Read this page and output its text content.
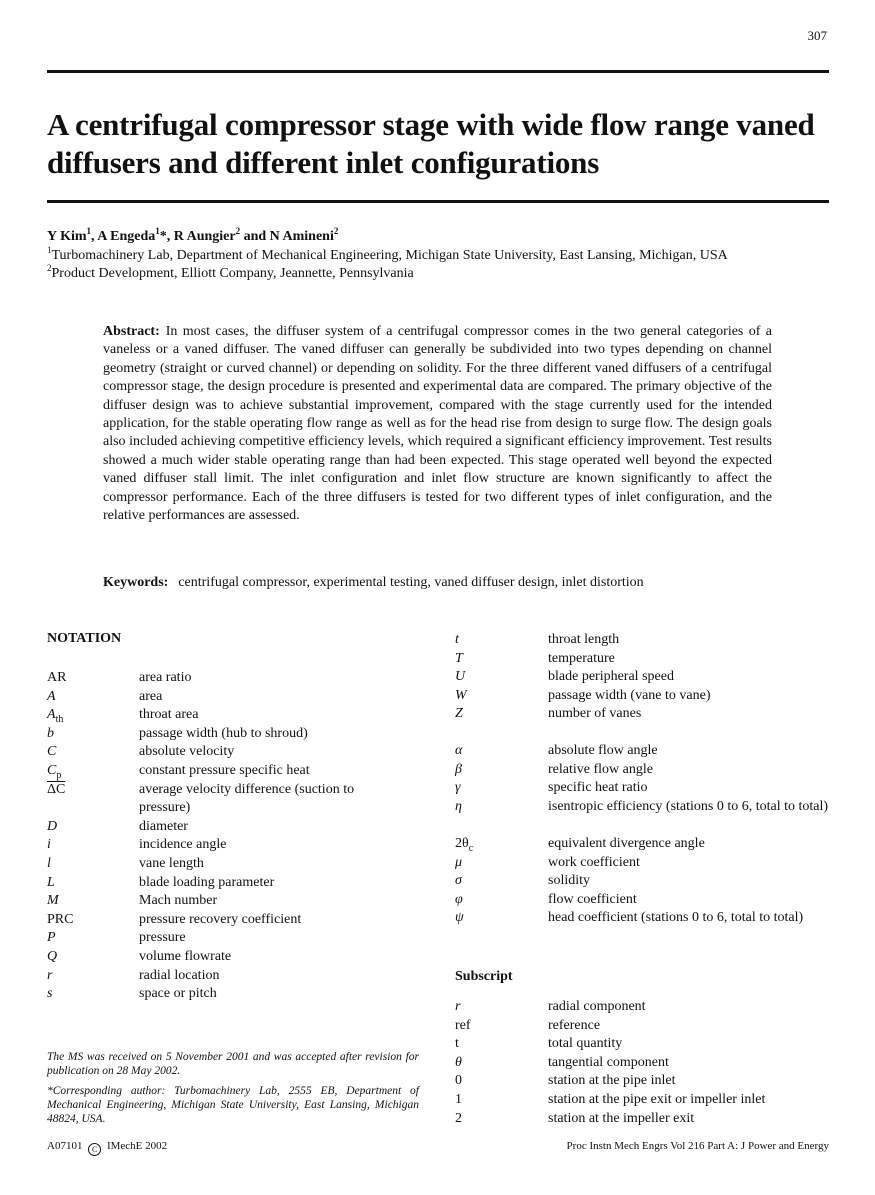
307
A centrifugal compressor stage with wide flow range vaned diffusers and different inlet configurations
Y Kim$^1$, A Engeda$^1$*, R Aungier$^2$ and N Amineni$^2$
$^1$Turbomachinery Lab, Department of Mechanical Engineering, Michigan State University, East Lansing, Michigan, USA
$^2$Product Development, Elliott Company, Jeannette, Pennsylvania
Abstract: In most cases, the diffuser system of a centrifugal compressor comes in the two general categories of a vaneless or a vaned diffuser. The vaned diffuser can generally be subdivided into two types depending on channel geometry (straight or curved channel) or depending on solidity. For the three different vaned diffusers of a centrifugal compressor stage, the design procedure is presented and experimental data are compared. The primary objective of the diffuser design was to achieve substantial improvement, compared with the stage currently used for the intended application, for the stable operating flow range as well as for the head rise from design to surge flow. The design goals also included achieving competitive efficiency levels, which required a significant efficiency improvement. Test results showed a much wider stable operating range than had been expected. This stage operated well beyond the expected vaned diffuser stall limit. The inlet configuration and inlet flow structure are known significantly to affect the compressor performance. Each of the three diffusers is tested for two different types of inlet configuration, and the relative performances are assessed.
Keywords: centrifugal compressor, experimental testing, vaned diffuser design, inlet distortion
NOTATION
Subscript
AR	area ratio
A	area
$A_{th}$	throat area
b	passage width (hub to shroud)
C	absolute velocity
$C_p$	constant pressure specific heat
$\overline{\Delta C}$	average velocity difference (suction to pressure)
D	diameter
i	incidence angle
l	vane length
L	blade loading parameter
M	Mach number
PRC	pressure recovery coefficient
P	pressure
Q	volume flowrate
r	radial location
s	space or pitch
t	throat length
T	temperature
U	blade peripheral speed
W	passage width (vane to vane)
Z	number of vanes
α	absolute flow angle
β	relative flow angle
γ	specific heat ratio
η	isentropic efficiency (stations 0 to 6, total to total)
$2\theta_c$	equivalent divergence angle
μ	work coefficient
σ	solidity
φ	flow coefficient
ψ	head coefficient (stations 0 to 6, total to total)
r	radial component
ref	reference
t	total quantity
θ	tangential component
0	station at the pipe inlet
1	station at the pipe exit or impeller inlet
2	station at the impeller exit
The MS was received on 5 November 2001 and was accepted after revision for publication on 28 May 2002.
*Corresponding author: Turbomachinery Lab, 2555 EB, Department of Mechanical Engineering, Michigan State University, East Lansing, Michigan 48824, USA.
A07101 C IMechE 2002	Proc Instn Mech Engrs Vol 216 Part A: J Power and Energy
